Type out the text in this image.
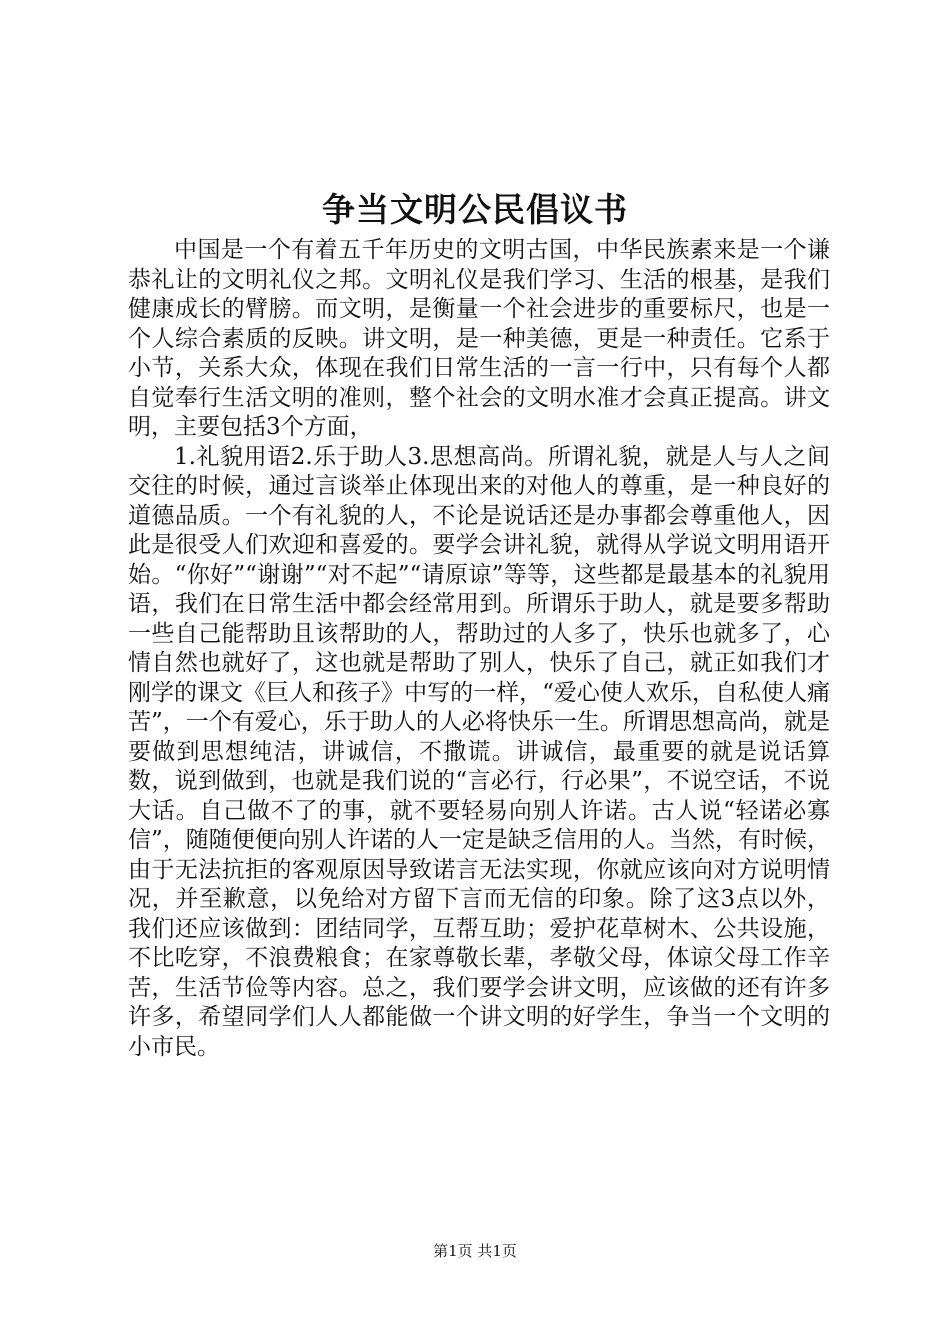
争当文明公民倡议书

中国是一个有着五千年历史的文明古国，中华民族素来是一个谦恭礼让的文明礼仪之邦。文明礼仪是我们学习、生活的根基，是我们健康成长的臂膀。而文明，是衡量一个社会进步的重要标尺，也是一个人综合素质的反映。讲文明，是一种美德，更是一种责任。它系于小节，关系大众，体现在我们日常生活的一言一行中，只有每个人都自觉奉行生活文明的准则，整个社会的文明水准才会真正提高。讲文明，主要包括3个方面，

1.礼貌用语2.乐于助人3.思想高尚。所谓礼貌，就是人与人之间交往的时候，通过言谈举止体现出来的对他人的尊重，是一种良好的道德品质。一个有礼貌的人，不论是说话还是办事都会尊重他人，因此是很受人们欢迎和喜爱的。要学会讲礼貌，就得从学说文明用语开始。“你好”“谢谢”“对不起”“请原谅”等等，这些都是最基本的礼貌用语，我们在日常生活中都会经常用到。所谓乐于助人，就是要多帮助一些自己能帮助且该帮助的人，帮助过的人多了，快乐也就多了，心情自然也就好了，这也就是帮助了别人，快乐了自己，就正如我们才刚学的课文《巨人和孩子》中写的一样，“爱心使人欢乐，自私使人痛苦”，一个有爱心，乐于助人的人必将快乐一生。所谓思想高尚，就是要做到思想纯洁，讲诚信，不撒谎。讲诚信，最重要的就是说话算数，说到做到，也就是我们说的“言必行，行必果”，不说空话，不说大话。自己做不了的事，就不要轻易向别人许诺。古人说“轻诺必寡信”，随随便便向别人许诺的人一定是缺乏信用的人。当然，有时候，由于无法抗拒的客观原因导致诺言无法实现，你就应该向对方说明情况，并至歉意，以免给对方留下言而无信的印象。除了这3点以外，我们还应该做到：团结同学，互帮互助；爱护花草树木、公共设施，不比吃穿，不浪费粮食；在家尊敬长辈，孝敬父母，体谅父母工作辛苦，生活节俭等内容。总之，我们要学会讲文明，应该做的还有许多许多，希望同学们人人都能做一个讲文明的好学生，争当一个文明的小市民。

第1页 共1页
